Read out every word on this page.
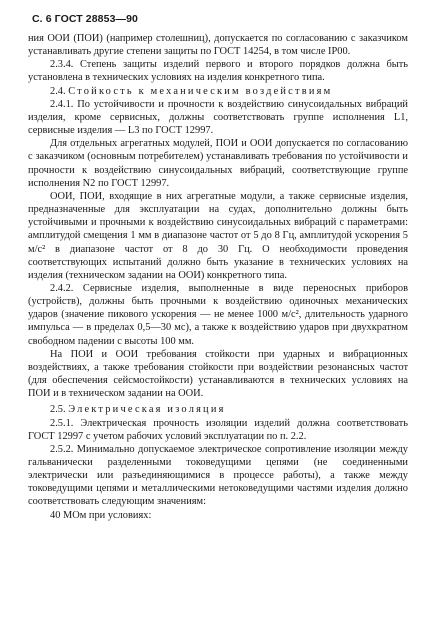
С. 6 ГОСТ 28853—90

ния ООИ (ПОИ) (например столешниц), допускается по согласованию с заказчиком устанавливать другие степени защиты по ГОСТ 14254, в том числе IP00.

2.3.4. Степень защиты изделий первого и второго порядков должна быть установлена в технических условиях на изделия конкретного типа.

2.4. Стойкость к механическим воздействиям

2.4.1. По устойчивости и прочности к воздействию синусоидальных вибраций изделия, кроме сервисных, должны соответствовать группе исполнения L1, сервисные изделия — L3 по ГОСТ 12997.

Для отдельных агрегатных модулей, ПОИ и ООИ допускается по согласованию с заказчиком (основным потребителем) устанавливать требования по устойчивости и прочности к воздействию синусоидальных вибраций, соответствующие группе исполнения N2 по ГОСТ 12997.

ООИ, ПОИ, входящие в них агрегатные модули, а также сервисные изделия, предназначенные для эксплуатации на судах, дополнительно должны быть устойчивыми и прочными к воздействию синусоидальных вибраций с параметрами: амплитудой смещения 1 мм в диапазоне частот от 5 до 8 Гц, амплитудой ускорения 5 м/с² в диапазоне частот от 8 до 30 Гц. О необходимости проведения соответствующих испытаний должно быть указание в технических условиях на изделия (техническом задании на ООИ) конкретного типа.

2.4.2. Сервисные изделия, выполненные в виде переносных приборов (устройств), должны быть прочными к воздействию одиночных механических ударов (значение пикового ускорения — не менее 1000 м/с², длительность ударного импульса — в пределах 0,5—30 мс), а также к воздействию ударов при двухкратном свободном падении с высоты 100 мм.

На ПОИ и ООИ требования стойкости при ударных и вибрационных воздействиях, а также требования стойкости при воздействии резонансных частот (для обеспечения сейсмостойкости) устанавливаются в технических условиях на ПОИ и в техническом задании на ООИ.

2.5. Электрическая изоляция

2.5.1. Электрическая прочность изоляции изделий должна соответствовать ГОСТ 12997 с учетом рабочих условий эксплуатации по п. 2.2.

2.5.2. Минимально допускаемое электрическое сопротивление изоляции между гальванически разделенными токоведущими цепями (не соединенными электрически или разъединяющимися в процессе работы), а также между токоведущими цепями и металлическими нетоковедущими частями изделия должно соответствовать следующим значениям:

40 МОм при условиях:
